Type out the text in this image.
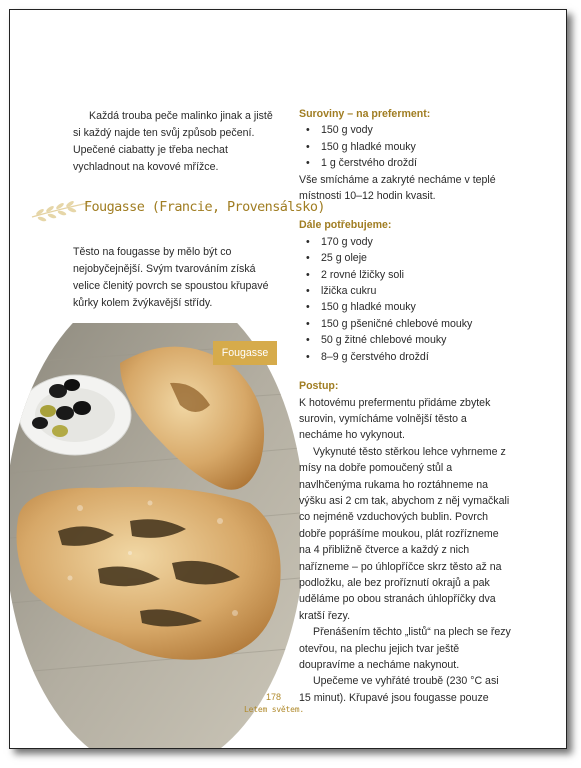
Každá trouba peče malinko jinak a jistě si každý najde ten svůj způsob pečení. Upečené ciabatty je třeba nechat vychladnout na kovové mřížce.

Fougasse (Francie, Provensálsko)

Těsto na fougasse by mělo být co nejobyčejnější. Svým tvarováním získá velice členitý povrch se spoustou křupavé kůrky kolem žvýkavější střídy.

Fougasse
178
Letem světem.

Suroviny – na preferment:

• 150 g vody
• 150 g hladké mouky
• 1 g čerstvého droždí

Vše smícháme a zakryté necháme v teplé místnosti 10–12 hodin kvasit.

Dále potřebujeme:

• 170 g vody
• 25 g oleje
• 2 rovné lžičky soli
• lžička cukru
• 150 g hladké mouky
• 150 g pšeničné chlebové mouky
• 50 g žitné chlebové mouky
• 8–9 g čerstvého droždí

Postup:

K hotovému prefermentu přidáme zbytek surovin, vymícháme volnější těsto a necháme ho vykynout.

Vykynuté těsto stěrkou lehce vyhrneme z mísy na dobře pomoučený stůl a navlhčenýma rukama ho roztáhneme na výšku asi 2 cm tak, abychom z něj vymačkali co nejméně vzduchových bublin. Povrch dobře poprášíme moukou, plát rozřízneme na 4 přibližně čtverce a každý z nich nařízneme – po úhlopříčce skrz těsto až na podložku, ale bez proříznutí okrajů a pak uděláme po obou stranách úhlopříčky dva kratší řezy.

Přenášením těchto „listů“ na plech se řezy otevřou, na plechu jejich tvar ještě doupravíme a necháme nakynout.

Upečeme ve vyhřáté troubě (230 °C asi 15 minut). Křupavé jsou fougasse pouze
